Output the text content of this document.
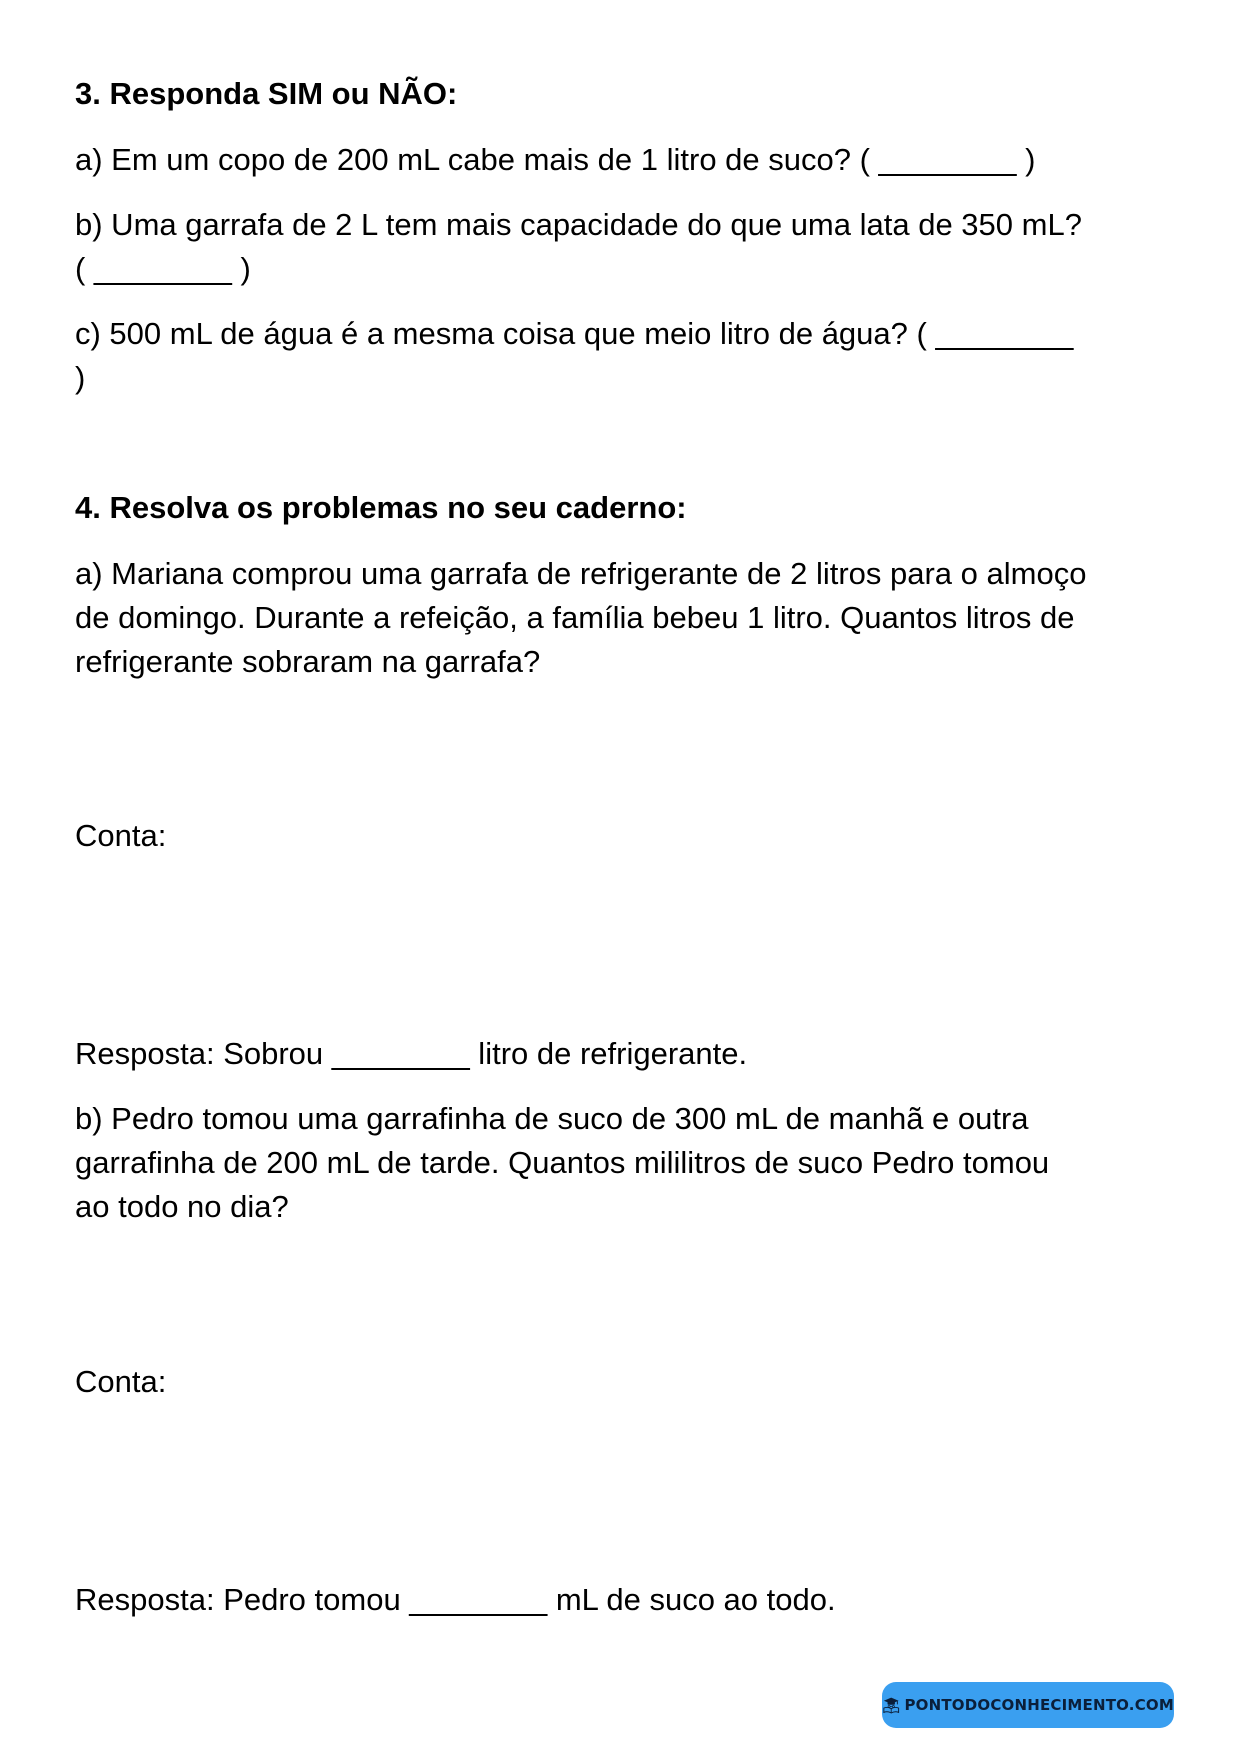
3. Responda SIM ou NÃO:
a) Em um copo de 200 mL cabe mais de 1 litro de suco? ( ________ )
b) Uma garrafa de 2 L tem mais capacidade do que uma lata de 350 mL?
( ________ )
c) 500 mL de água é a mesma coisa que meio litro de água? ( ________
)
4. Resolva os problemas no seu caderno:
a) Mariana comprou uma garrafa de refrigerante de 2 litros para o almoço
de domingo. Durante a refeição, a família bebeu 1 litro. Quantos litros de
refrigerante sobraram na garrafa?
Conta:
Resposta: Sobrou ________ litro de refrigerante.
b) Pedro tomou uma garrafinha de suco de 300 mL de manhã e outra
garrafinha de 200 mL de tarde. Quantos mililitros de suco Pedro tomou
ao todo no dia?
Conta:
Resposta: Pedro tomou ________ mL de suco ao todo.
PONTODOCONHECIMENTO.COM
